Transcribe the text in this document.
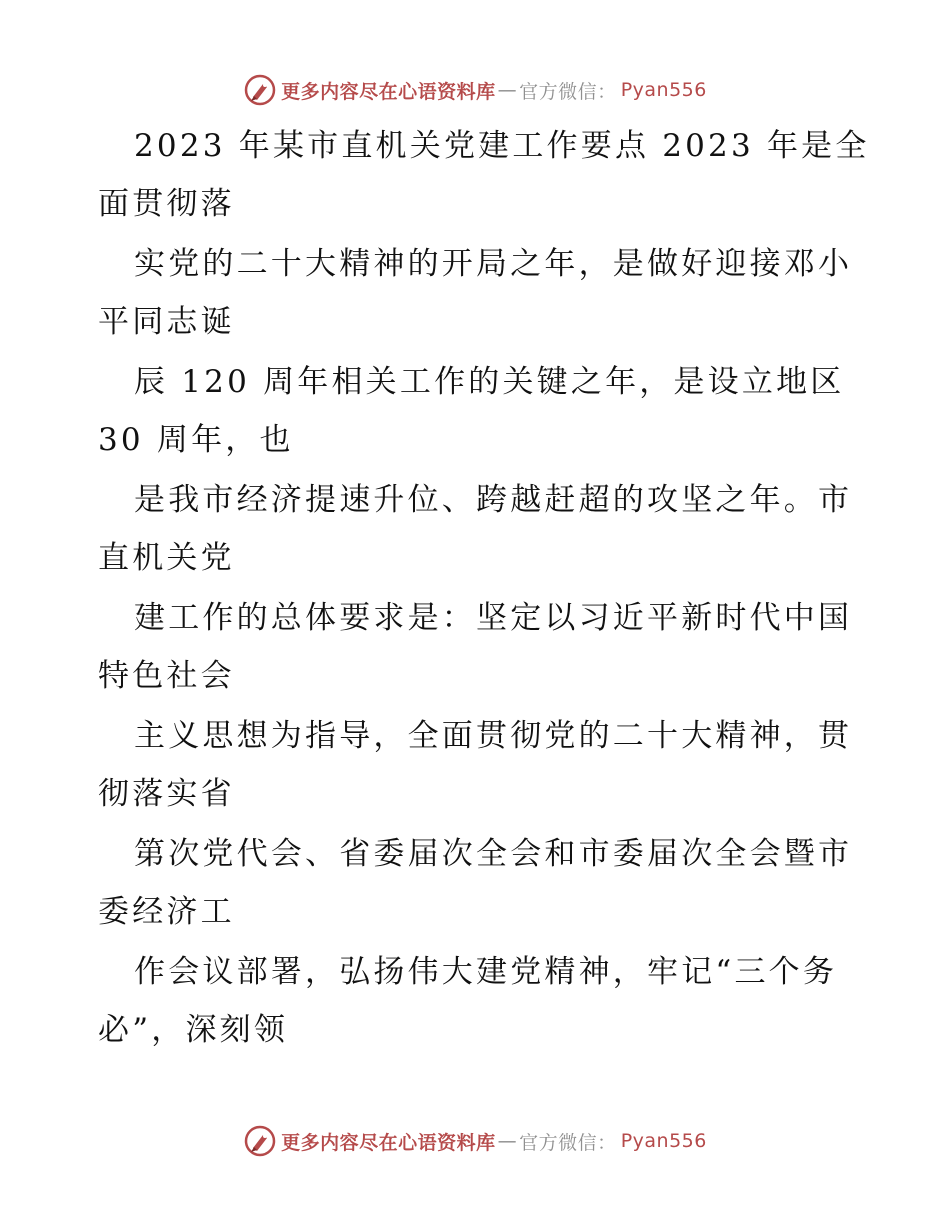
更多内容尽在心语资料库 — 官方微信： Pyan556
2023 年某市直机关党建工作要点 2023 年是全
面贯彻落
实党的二十大精神的开局之年，是做好迎接邓小
平同志诞
辰 120 周年相关工作的关键之年，是设立地区
30 周年，也
是我市经济提速升位、跨越赶超的攻坚之年。市
直机关党
建工作的总体要求是：坚定以习近平新时代中国
特色社会
主义思想为指导，全面贯彻党的二十大精神，贯
彻落实省
第次党代会、省委届次全会和市委届次全会暨市
委经济工
作会议部署，弘扬伟大建党精神，牢记“三个务
必”，深刻领
更多内容尽在心语资料库 — 官方微信： Pyan556
